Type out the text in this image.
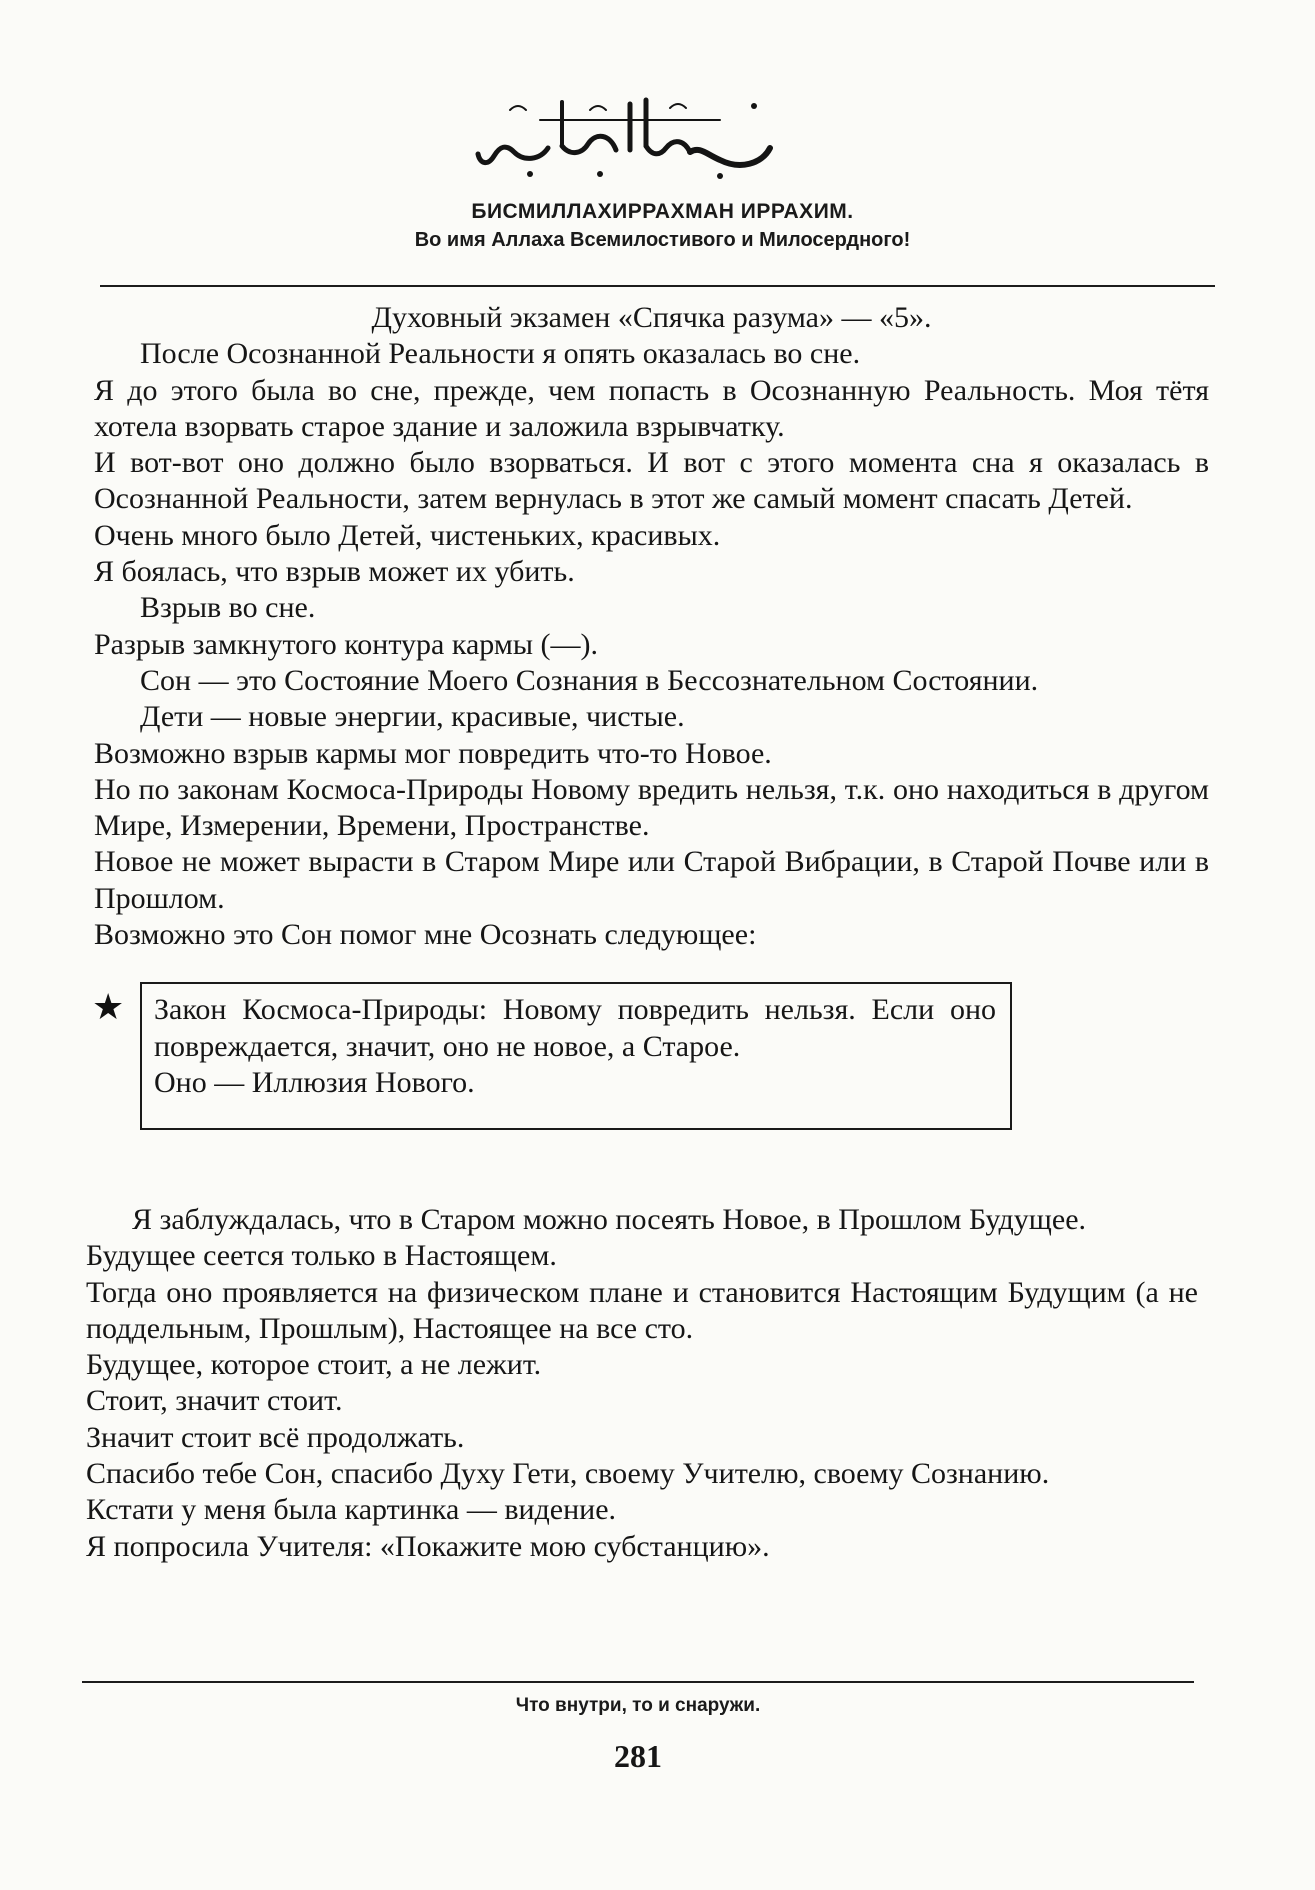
БИСМИЛЛАХИРРАХМАН ИРРАХИМ.
Во имя Аллаха Всемилостивого и Милосердного!

Духовный экзамен «Спячка разума» — «5».

После Осознанной Реальности я опять оказалась во сне.

Я до этого была во сне, прежде, чем попасть в Осознанную Реальность. Моя тётя хотела взорвать старое здание и заложила взрывчатку.

И вот-вот оно должно было взорваться. И вот с этого момента сна я оказалась в Осознанной Реальности, затем вернулась в этот же самый момент спасать Детей.

Очень много было Детей, чистеньких, красивых.

Я боялась, что взрыв может их убить.

Взрыв во сне.

Разрыв замкнутого контура кармы (—).

Сон — это Состояние Моего Сознания в Бессознательном Состоянии.

Дети — новые энергии, красивые, чистые.

Возможно взрыв кармы мог повредить что-то Новое.

Но по законам Космоса-Природы Новому вредить нельзя, т.к. оно находиться в другом Мире, Измерении, Времени, Пространстве.

Новое не может вырасти в Старом Мире или Старой Вибрации, в Старой Почве или в Прошлом.

Возможно это Сон помог мне Осознать следующее:

★ Закон Космоса-Природы: Новому повредить нельзя. Если оно повреждается, значит, оно не новое, а Старое.

Оно — Иллюзия Нового.

Я заблуждалась, что в Старом можно посеять Новое, в Прошлом Будущее.

Будущее сеется только в Настоящем.

Тогда оно проявляется на физическом плане и становится Настоящим Будущим (а не поддельным, Прошлым), Настоящее на все сто.

Будущее, которое стоит, а не лежит.

Стоит, значит стоит.

Значит стоит всё продолжать.

Спасибо тебе Сон, спасибо Духу Гети, своему Учителю, своему Сознанию.

Кстати у меня была картинка — видение.

Я попросила Учителя: «Покажите мою субстанцию».

Что внутри, то и снаружи.
281
